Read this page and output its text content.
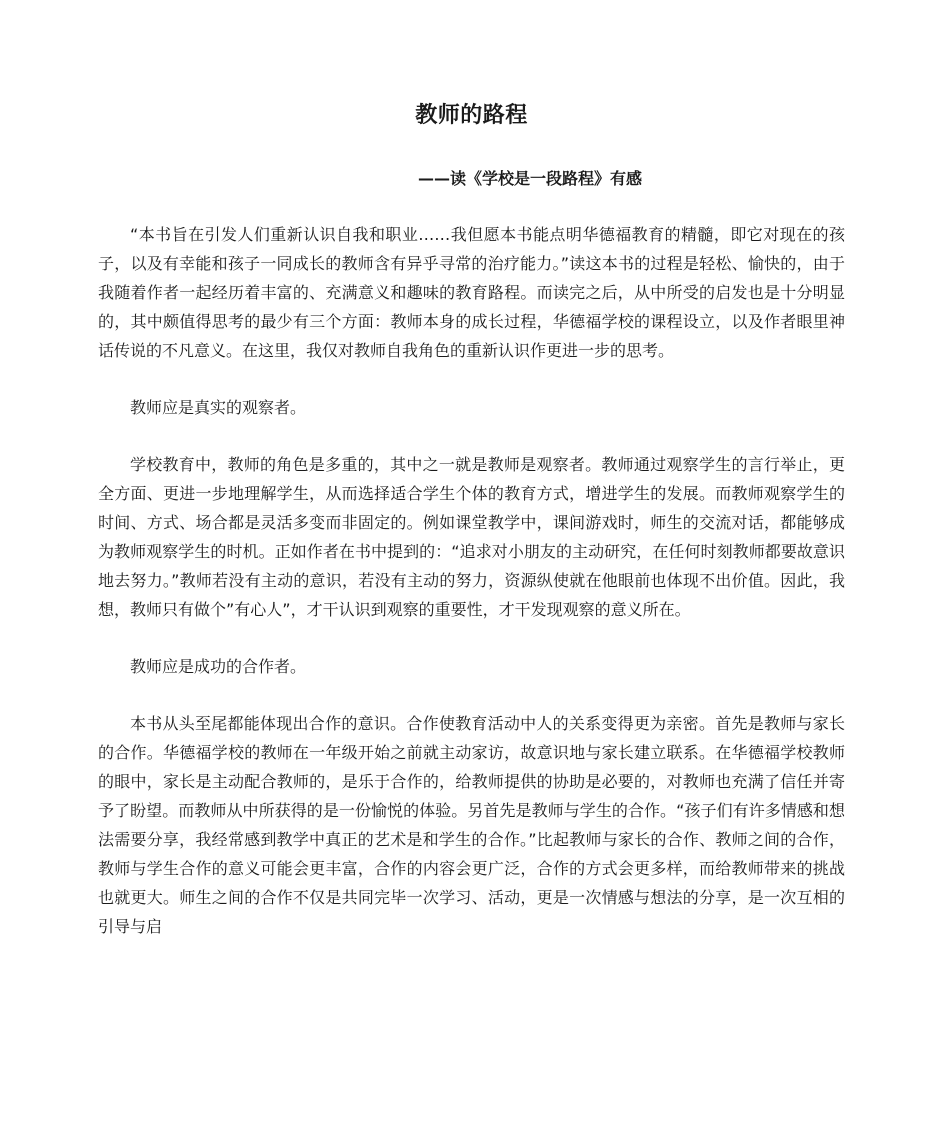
教师的路程
——读《学校是一段路程》有感

“本书旨在引发人们重新认识自我和职业……我但愿本书能点明华德福教育的精髓，即它对现在的孩子，以及有幸能和孩子一同成长的教师含有异乎寻常的治疗能力。”读这本书的过程是轻松、愉快的，由于我随着作者一起经历着丰富的、充满意义和趣味的教育路程。而读完之后，从中所受的启发也是十分明显的，其中颇值得思考的最少有三个方面：教师本身的成长过程，华德福学校的课程设立，以及作者眼里神话传说的不凡意义。在这里，我仅对教师自我角色的重新认识作更进一步的思考。

教师应是真实的观察者。

学校教育中，教师的角色是多重的，其中之一就是教师是观察者。教师通过观察学生的言行举止，更全方面、更进一步地理解学生，从而选择适合学生个体的教育方式，增进学生的发展。而教师观察学生的时间、方式、场合都是灵活多变而非固定的。例如课堂教学中，课间游戏时，师生的交流对话，都能够成为教师观察学生的时机。正如作者在书中提到的：“追求对小朋友的主动研究，在任何时刻教师都要故意识地去努力。”教师若没有主动的意识，若没有主动的努力，资源纵使就在他眼前也体现不出价值。因此，我想，教师只有做个”有心人”，才干认识到观察的重要性，才干发现观察的意义所在。

教师应是成功的合作者。

本书从头至尾都能体现出合作的意识。合作使教育活动中人的关系变得更为亲密。首先是教师与家长的合作。华德福学校的教师在一年级开始之前就主动家访，故意识地与家长建立联系。在华德福学校教师的眼中，家长是主动配合教师的，是乐于合作的，给教师提供的协助是必要的，对教师也充满了信任并寄予了盼望。而教师从中所获得的是一份愉悦的体验。另首先是教师与学生的合作。“孩子们有许多情感和想法需要分享，我经常感到教学中真正的艺术是和学生的合作。”比起教师与家长的合作、教师之间的合作，教师与学生合作的意义可能会更丰富，合作的内容会更广泛，合作的方式会更多样，而给教师带来的挑战也就更大。师生之间的合作不仅是共同完毕一次学习、活动，更是一次情感与想法的分享，是一次互相的引导与启
